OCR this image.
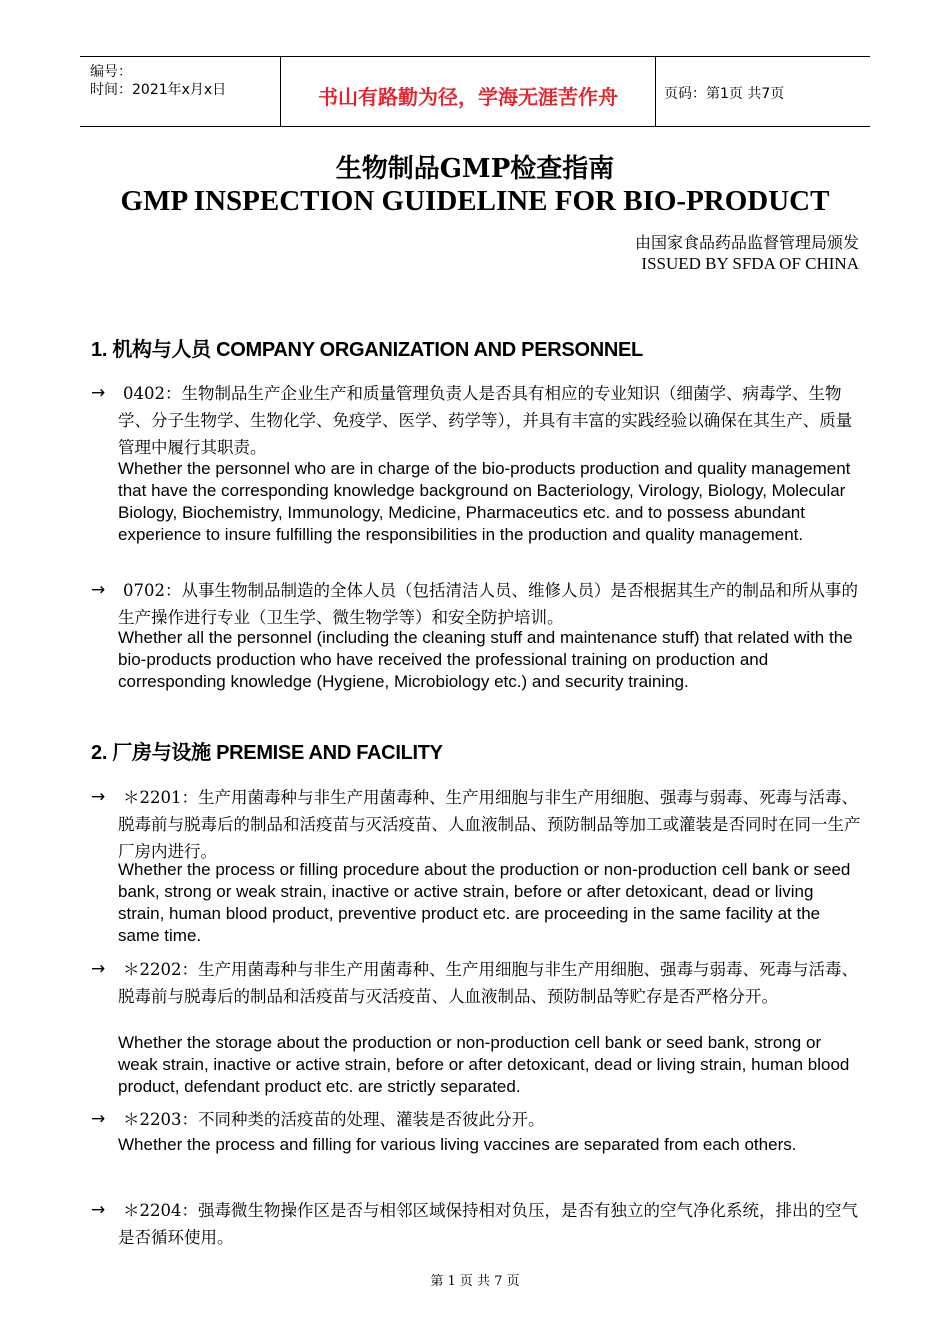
编号：
时间：2021年x月x日	书山有路勤为径，学海无涯苦作舟	页码：第1页 共7页
生物制品GMP检查指南
GMP INSPECTION GUIDELINE FOR BIO-PRODUCT
由国家食品药品监督管理局颁发
ISSUED BY SFDA OF CHINA
1. 机构与人员 COMPANY ORGANIZATION AND PERSONNEL
→	0402：生物制品生产企业生产和质量管理负责人是否具有相应的专业知识（细菌学、病毒学、生物学、分子生物学、生物化学、免疫学、医学、药学等），并具有丰富的实践经验以确保在其生产、质量管理中履行其职责。
Whether the personnel who are in charge of the bio-products production and quality management that have the corresponding knowledge background on Bacteriology, Virology, Biology, Molecular Biology, Biochemistry, Immunology, Medicine, Pharmaceutics etc. and to possess abundant experience to insure fulfilling the responsibilities in the production and quality management.
→	0702：从事生物制品制造的全体人员（包括清洁人员、维修人员）是否根据其生产的制品和所从事的生产操作进行专业（卫生学、微生物学等）和安全防护培训。
Whether all the personnel (including the cleaning stuff and maintenance stuff) that related with the bio-products production who have received the professional training on production and corresponding knowledge (Hygiene, Microbiology etc.) and security training.
2. 厂房与设施 PREMISE AND FACILITY
→	＊2201：生产用菌毒种与非生产用菌毒种、生产用细胞与非生产用细胞、强毒与弱毒、死毒与活毒、脱毒前与脱毒后的制品和活疫苗与灭活疫苗、人血液制品、预防制品等加工或灌装是否同时在同一生产厂房内进行。
Whether the process or filling procedure about the production or non-production cell bank or seed bank, strong or weak strain, inactive or active strain, before or after detoxicant, dead or living strain, human blood product, preventive product etc. are proceeding in the same facility at the same time.
→	＊2202：生产用菌毒种与非生产用菌毒种、生产用细胞与非生产用细胞、强毒与弱毒、死毒与活毒、脱毒前与脱毒后的制品和活疫苗与灭活疫苗、人血液制品、预防制品等贮存是否严格分开。
Whether the storage about the production or non-production cell bank or seed bank, strong or weak strain, inactive or active strain, before or after detoxicant, dead or living strain, human blood product, defendant product etc. are strictly separated.
→	＊2203：不同种类的活疫苗的处理、灌装是否彼此分开。
Whether the process and filling for various living vaccines are separated from each others.
→	＊2204：强毒微生物操作区是否与相邻区域保持相对负压，是否有独立的空气净化系统，排出的空气是否循环使用。
第 1 页 共 7 页
